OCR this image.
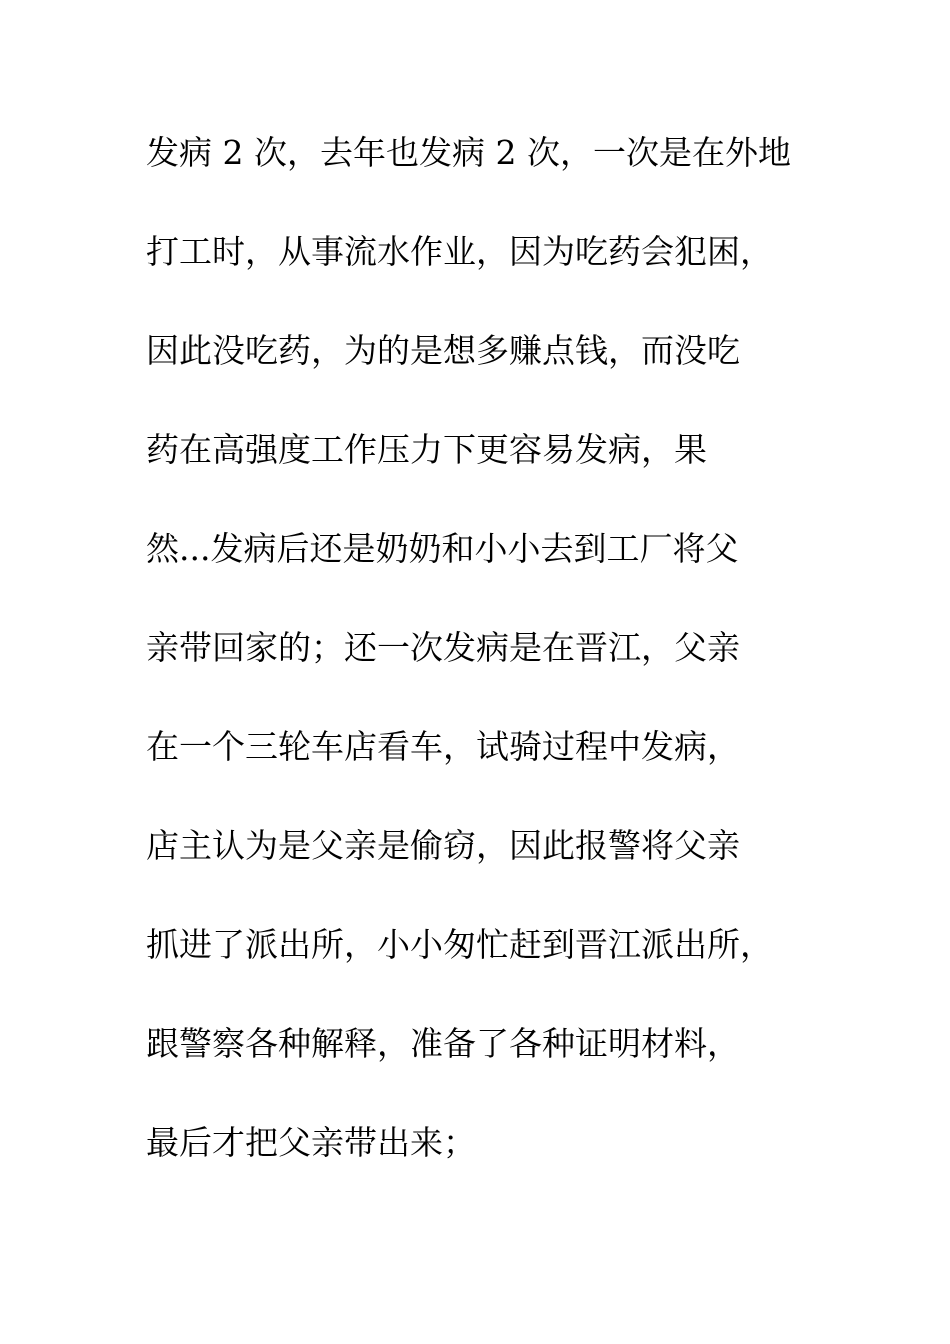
发病 2 次，去年也发病 2 次，一次是在外地
打工时，从事流水作业，因为吃药会犯困，
因此没吃药，为的是想多赚点钱，而没吃
药在高强度工作压力下更容易发病，果
然...发病后还是奶奶和小小去到工厂将父
亲带回家的；还一次发病是在晋江，父亲
在一个三轮车店看车，试骑过程中发病，
店主认为是父亲是偷窃，因此报警将父亲
抓进了派出所，小小匆忙赶到晋江派出所，
跟警察各种解释，准备了各种证明材料，
最后才把父亲带出来；
